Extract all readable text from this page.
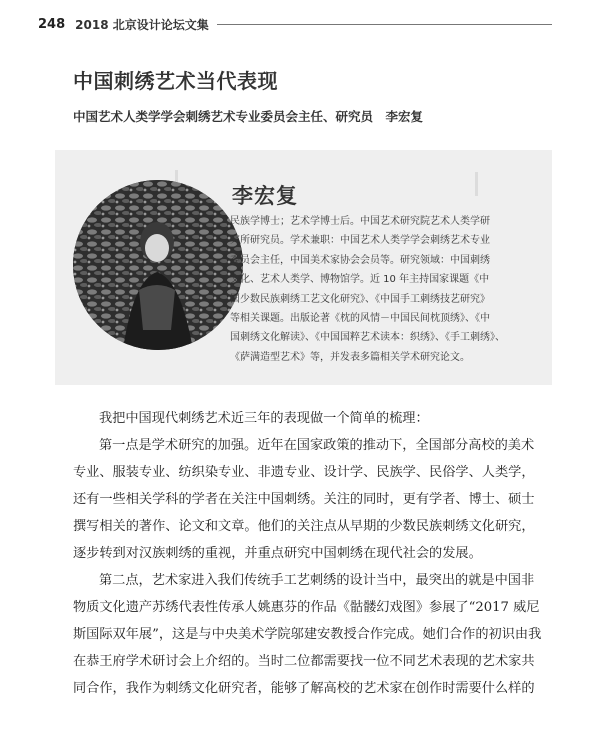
248 2018 北京设计论坛文集
中国刺绣艺术当代表现
中国艺术人类学学会刺绣艺术专业委员会主任、研究员　李宏复
李宏复
民族学博士；艺术学博士后。中国艺术研究院艺术人类学研
究所研究员。学术兼职：中国艺术人类学学会刺绣艺术专业
委员会主任，中国美术家协会会员等。研究领域：中国刺绣
文化、艺术人类学、博物馆学。近 10 年主持国家课题《中
国少数民族刺绣工艺文化研究》、《中国手工刺绣技艺研究》
等相关课题。出版论著《枕的风情－中国民间枕顶绣》、《中
国刺绣文化解读》、《中国国粹艺术读本：织绣》、《手工刺绣》、
《萨满造型艺术》等，并发表多篇相关学术研究论文。
我把中国现代刺绣艺术近三年的表现做一个简单的梳理：
第一点是学术研究的加强。近年在国家政策的推动下，全国部分高校的美术
专业、服装专业、纺织染专业、非遗专业、设计学、民族学、民俗学、人类学，
还有一些相关学科的学者在关注中国刺绣。关注的同时，更有学者、博士、硕士
撰写相关的著作、论文和文章。他们的关注点从早期的少数民族刺绣文化研究，
逐步转到对汉族刺绣的重视，并重点研究中国刺绣在现代社会的发展。
第二点，艺术家进入我们传统手工艺刺绣的设计当中，最突出的就是中国非
物质文化遗产苏绣代表性传承人姚惠芬的作品《骷髅幻戏图》参展了“2017 威尼
斯国际双年展”，这是与中央美术学院邬建安教授合作完成。她们合作的初识由我
在恭王府学术研讨会上介绍的。当时二位都需要找一位不同艺术表现的艺术家共
同合作，我作为刺绣文化研究者，能够了解高校的艺术家在创作时需要什么样的
